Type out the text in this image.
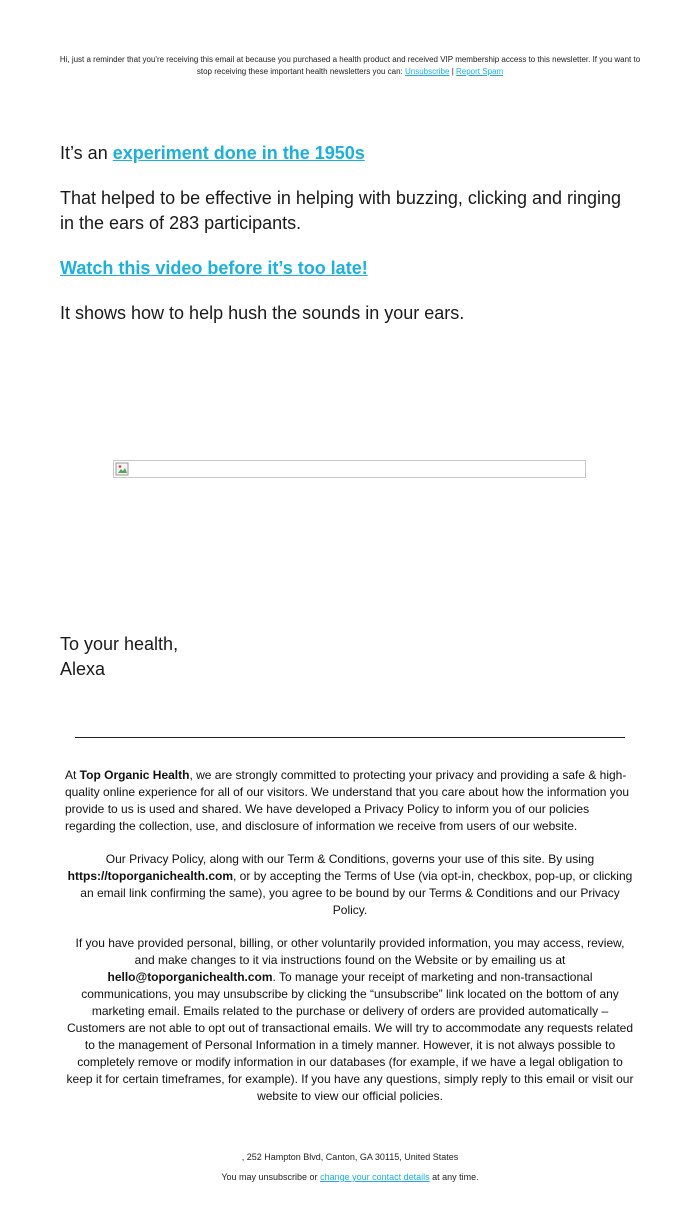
Hi, just a reminder that you're receiving this email at because you purchased a health product and received VIP membership access to this newsletter. If you want to stop receiving these important health newsletters you can: Unsubscribe | Report Spam

It’s an experiment done in the 1950s

That helped to be effective in helping with buzzing, clicking and ringing in the ears of 283 participants.

Watch this video before it’s too late!

It shows how to help hush the sounds in your ears.

To your health,
Alexa

At Top Organic Health, we are strongly committed to protecting your privacy and providing a safe & high-quality online experience for all of our visitors. We understand that you care about how the information you provide to us is used and shared. We have developed a Privacy Policy to inform you of our policies regarding the collection, use, and disclosure of information we receive from users of our website.

Our Privacy Policy, along with our Term & Conditions, governs your use of this site. By using https://toporganichealth.com, or by accepting the Terms of Use (via opt-in, checkbox, pop-up, or clicking an email link confirming the same), you agree to be bound by our Terms & Conditions and our Privacy Policy.

If you have provided personal, billing, or other voluntarily provided information, you may access, review, and make changes to it via instructions found on the Website or by emailing us at hello@toporganichealth.com. To manage your receipt of marketing and non-transactional communications, you may unsubscribe by clicking the “unsubscribe” link located on the bottom of any marketing email. Emails related to the purchase or delivery of orders are provided automatically – Customers are not able to opt out of transactional emails. We will try to accommodate any requests related to the management of Personal Information in a timely manner. However, it is not always possible to completely remove or modify information in our databases (for example, if we have a legal obligation to keep it for certain timeframes, for example). If you have any questions, simply reply to this email or visit our website to view our official policies.

, 252 Hampton Blvd, Canton, GA 30115, United States
You may unsubscribe or change your contact details at any time.
